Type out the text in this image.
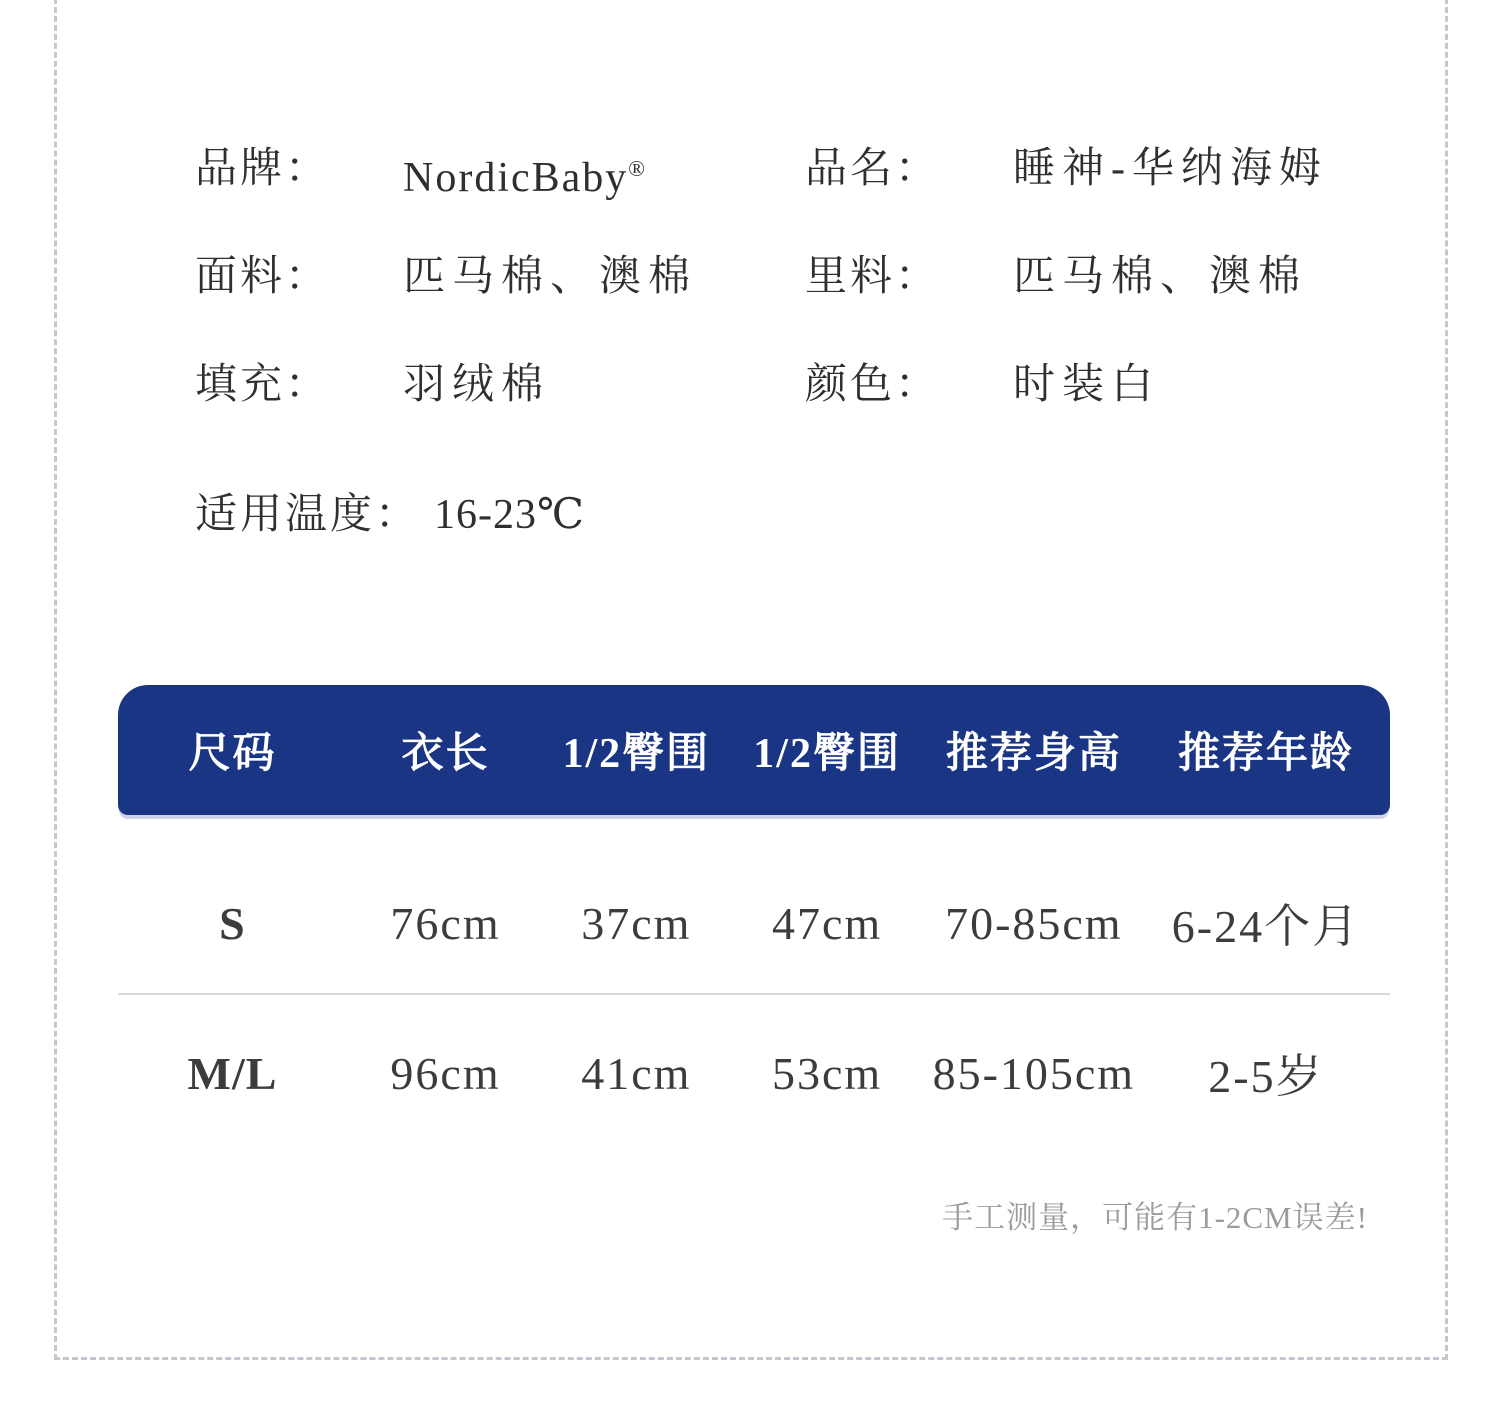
品牌：	NordicBaby®	品名：	睡神-华纳海姆
面料：	匹马棉、澳棉	里料：	匹马棉、澳棉
填充：	羽绒棉	颜色：	时装白
适用温度： 16-23℃
尺码	衣长	1/2臀围	1/2臀围	推荐身高	推荐年龄
S	76cm	37cm	47cm	70-85cm	6-24个月
M/L	96cm	41cm	53cm	85-105cm	2-5岁
手工测量，可能有1-2CM误差!
